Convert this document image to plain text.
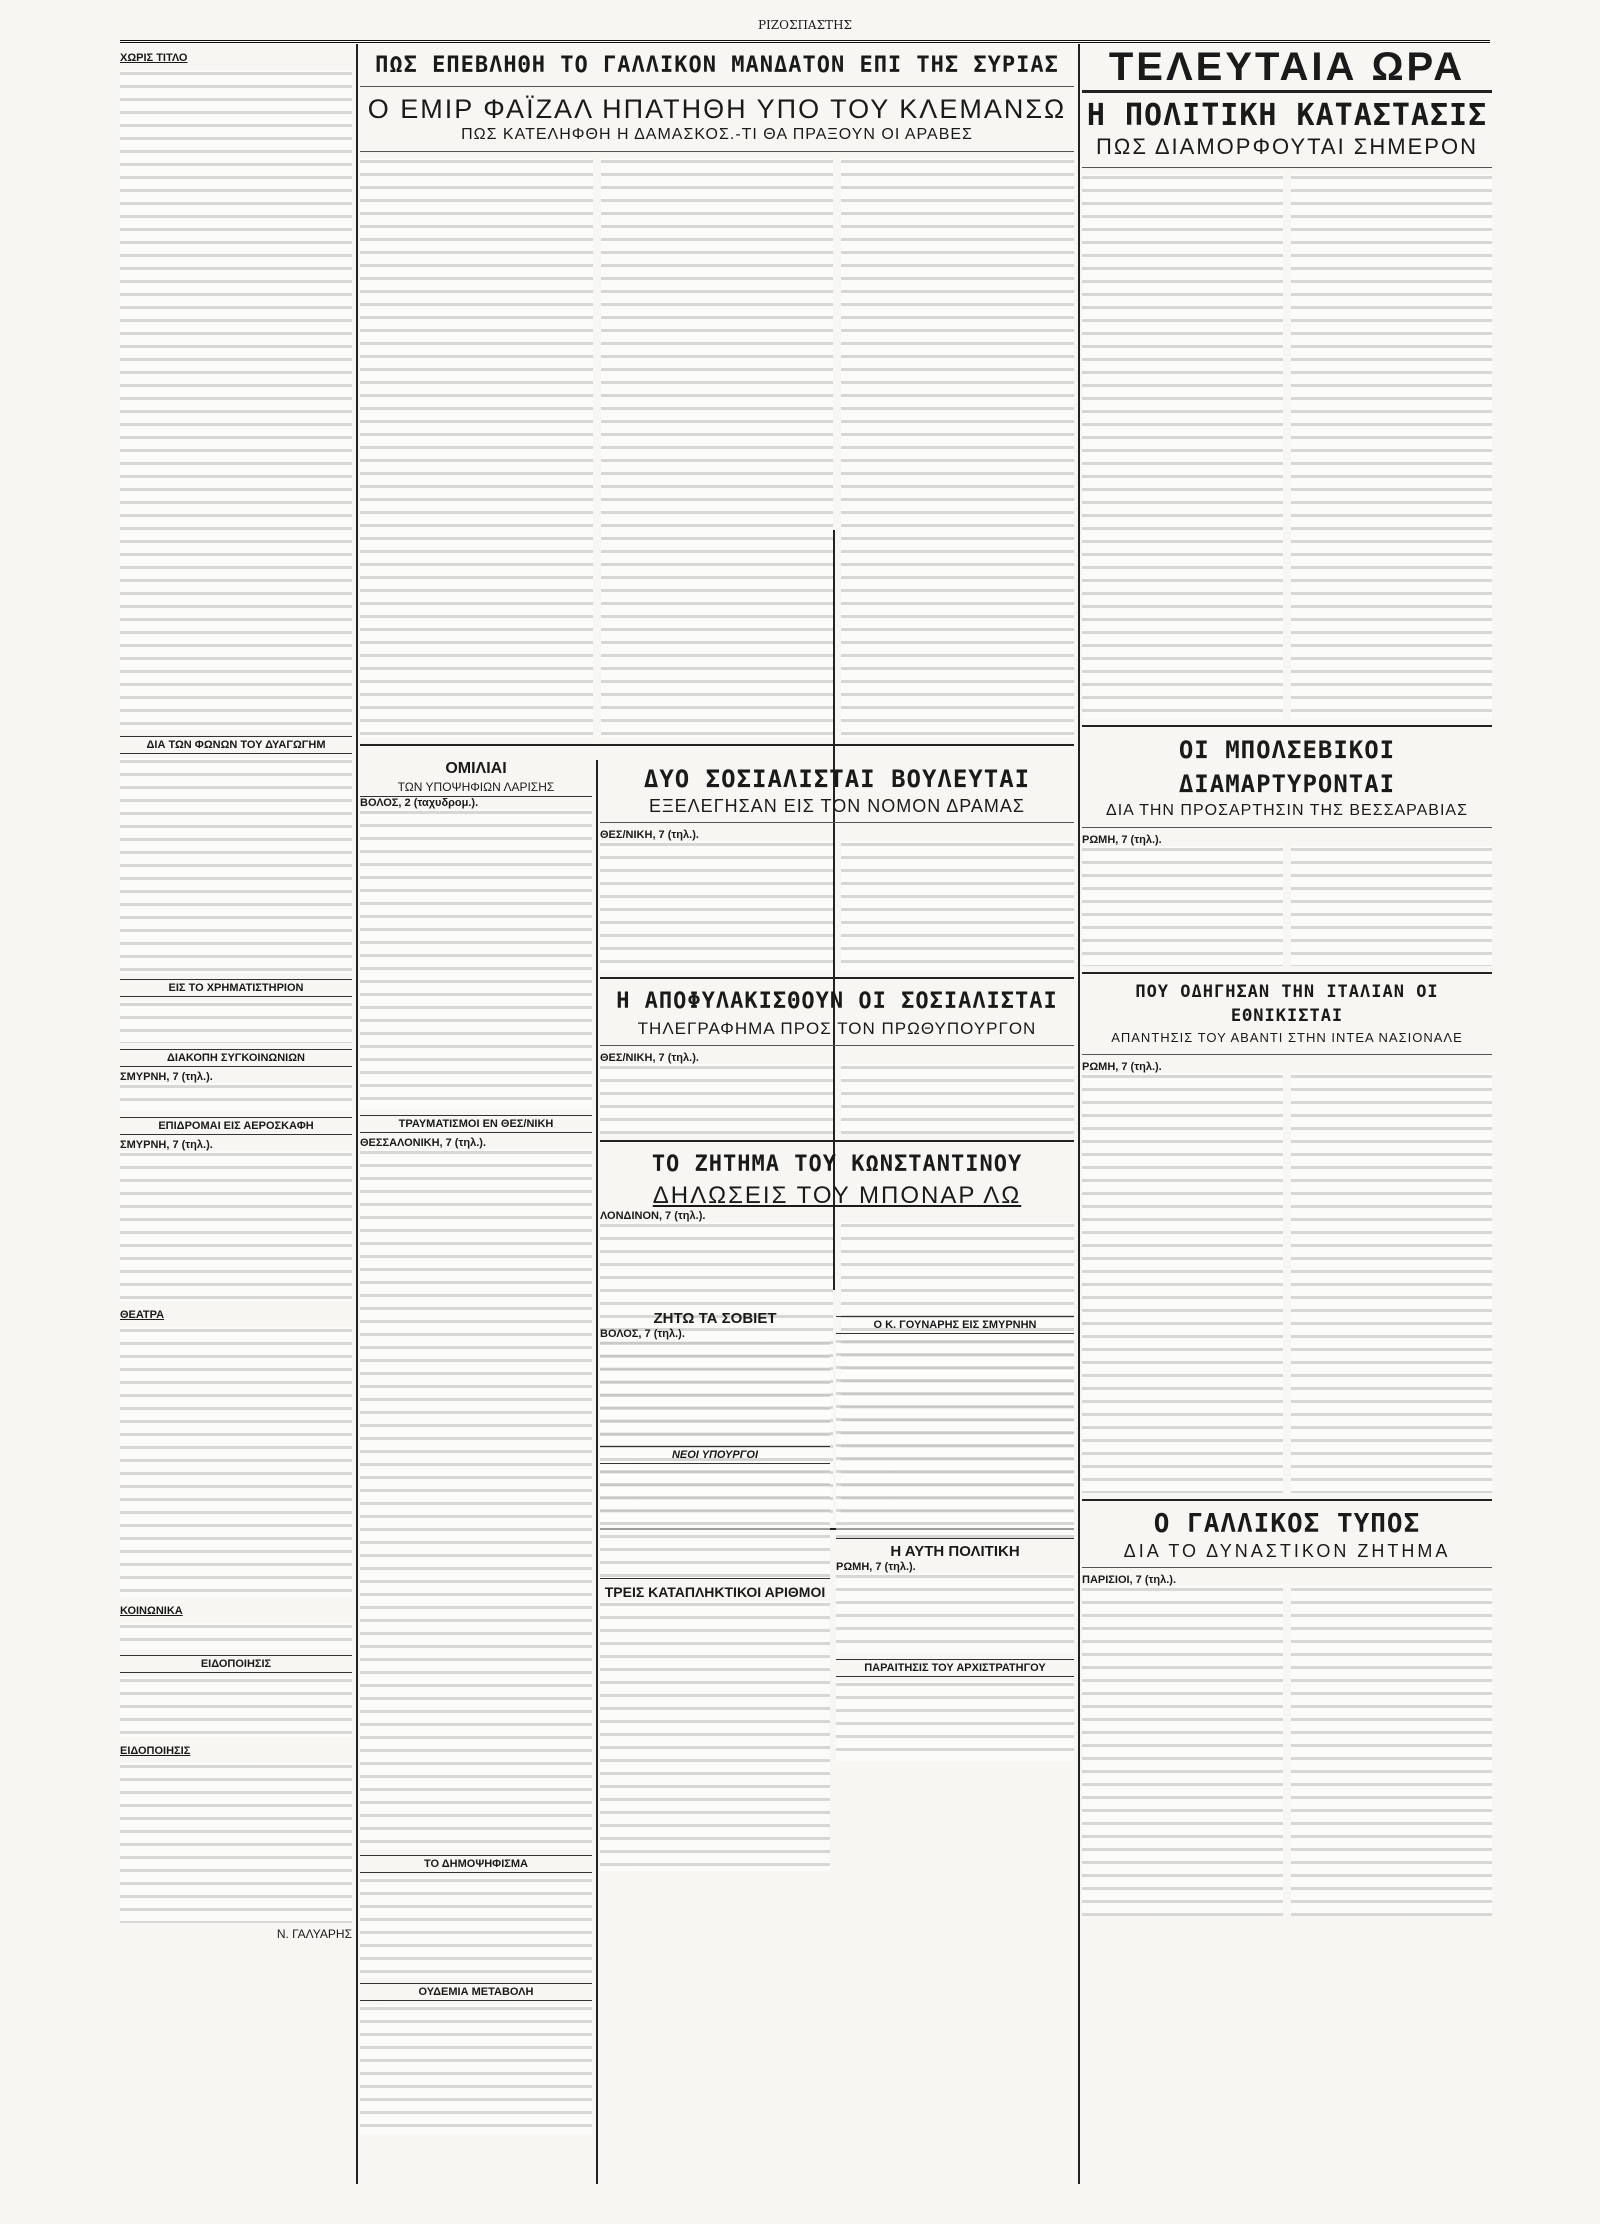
ΡΙΖΟΣΠΑΣΤΗΣ
ΧΩΡΙΣ ΤΙΤΛΟ
ΔΙΑ ΤΩΝ ΦΩΝΩΝ ΤΟΥ ΔΥΑΓΩΓΗΜ
ΕΙΣ ΤΟ ΧΡΗΜΑΤΙΣΤΗΡΙΟΝ
ΔΙΑΚΟΠΗ ΣΥΓΚΟΙΝΩΝΙΩΝ
ΣΜΥΡΝΗ, 7 (τηλ.).
ΕΠΙΔΡΟΜΑΙ ΕΙΣ ΑΕΡΟΣΚΑΦΗ
ΣΜΥΡΝΗ, 7 (τηλ.).
ΘΕΑΤΡΑ
ΚΟΙΝΩΝΙΚΑ
ΕΙΔΟΠΟΙΗΣΙΣ
ΕΙΔΟΠΟΙΗΣΙΣ
Ν. ΓΑΛΥΑΡΗΣ
ΠΩΣ ΕΠΕΒΛΗΘΗ ΤΟ ΓΑΛΛΙΚΟΝ ΜΑΝΔΑΤΟΝ ΕΠΙ ΤΗΣ ΣΥΡΙΑΣ
Ο ΕΜΙΡ ΦΑΪΖΑΛ ΗΠΑΤΗΘΗ ΥΠΟ ΤΟΥ ΚΛΕΜΑΝΣΩ
ΠΩΣ ΚΑΤΕΛΗΦΘΗ Η ΔΑΜΑΣΚΟΣ.-ΤΙ ΘΑ ΠΡΑΞΟΥΝ ΟΙ ΑΡΑΒΕΣ
ΟΜΙΛΙΑΙ
ΤΩΝ ΥΠΟΨΗΦΙΩΝ ΛΑΡΙΣΗΣ
ΒΟΛΟΣ, 2 (ταχυδρομ.).
ΤΡΑΥΜΑΤΙΣΜΟΙ ΕΝ ΘΕΣ/ΝΙΚΗ
ΘΕΣΣΑΛΟΝΙΚΗ, 7 (τηλ.).
ΤΟ ΔΗΜΟΨΗΦΙΣΜΑ
ΟΥΔΕΜΙΑ ΜΕΤΑΒΟΛΗ
ΔΥΟ ΣΟΣΙΑΛΙΣΤΑΙ ΒΟΥΛΕΥΤΑΙ
ΕΞΕΛΕΓΗΣΑΝ ΕΙΣ ΤΟΝ ΝΟΜΟΝ ΔΡΑΜΑΣ
ΘΕΣ/ΝΙΚΗ, 7 (τηλ.).
Η ΑΠΟΦΥΛΑΚΙΣΘΟΥΝ ΟΙ ΣΟΣΙΑΛΙΣΤΑΙ
ΤΗΛΕΓΡΑΦΗΜΑ ΠΡΟΣ ΤΟΝ ΠΡΩΘΥΠΟΥΡΓΟΝ
ΘΕΣ/ΝΙΚΗ, 7 (τηλ.).
ΤΟ ΖΗΤΗΜΑ ΤΟΥ ΚΩΝΣΤΑΝΤΙΝΟΥ
ΔΗΛΩΣΕΙΣ ΤΟΥ ΜΠΟΝΑΡ ΛΩ
ΛΟΝΔΙΝΟΝ, 7 (τηλ.).
ΖΗΤΩ ΤΑ ΣΟΒΙΕΤ
ΒΟΛΟΣ, 7 (τηλ.).
ΝΕΟΙ ΥΠΟΥΡΓΟΙ
ΤΡΕΙΣ ΚΑΤΑΠΛΗΚΤΙΚΟΙ ΑΡΙΘΜΟΙ
Ο Κ. ΓΟΥΝΑΡΗΣ ΕΙΣ ΣΜΥΡΝΗΝ
Η ΑΥΤΗ ΠΟΛΙΤΙΚΗ
ΡΩΜΗ, 7 (τηλ.).
ΠΑΡΑΙΤΗΣΙΣ ΤΟΥ ΑΡΧΙΣΤΡΑΤΗΓΟΥ
ΤΕΛΕΥΤΑΙΑ ΩΡΑ
Η ΠΟΛΙΤΙΚΗ ΚΑΤΑΣΤΑΣΙΣ
ΠΩΣ ΔΙΑΜΟΡΦΟΥΤΑΙ ΣΗΜΕΡΟΝ
ΟΙ ΜΠΟΛΣΕΒΙΚΟΙ ΔΙΑΜΑΡΤΥΡΟΝΤΑΙ
ΔΙΑ ΤΗΝ ΠΡΟΣΑΡΤΗΣΙΝ ΤΗΣ ΒΕΣΣΑΡΑΒΙΑΣ
ΡΩΜΗ, 7 (τηλ.).
ΠΟΥ ΟΔΗΓΗΣΑΝ ΤΗΝ ΙΤΑΛΙΑΝ ΟΙ ΕΘΝΙΚΙΣΤΑΙ
ΑΠΑΝΤΗΣΙΣ ΤΟΥ ΑΒΑΝΤΙ ΣΤΗΝ ΙΝΤΕΑ ΝΑΣΙΟΝΑΛΕ
ΡΩΜΗ, 7 (τηλ.).
Ο ΓΑΛΛΙΚΟΣ ΤΥΠΟΣ
ΔΙΑ ΤΟ ΔΥΝΑΣΤΙΚΟΝ ΖΗΤΗΜΑ
ΠΑΡΙΣΙΟΙ, 7 (τηλ.).
